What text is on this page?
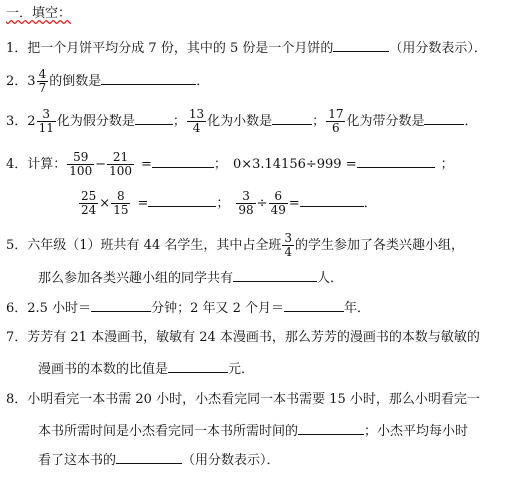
一．填空：
1．把一个月饼平均分成 7 份，其中的 5 份是一个月饼的	（用分数表示）．
2．$3 \frac{4}{7}$ 的倒数是	．
3．$2 \frac{3}{11}$ 化为假分数是	； $\frac{13}{4}$ 化为小数是	； $\frac{17}{6}$ 化为带分数是	．
4．计算： $\frac{59}{100} - \frac{21}{100}$ =	； 0×3.14156÷999 =	；
$\frac{25}{24} \times \frac{8}{15}$ =	； $\frac{3}{98} \div \frac{6}{49}$ =	．
5．六年级（1）班共有 44 名学生，其中占全班 $\frac{3}{4}$ 的学生参加了各类兴趣小组，
那么参加各类兴趣小组的同学共有	人．
6．2.5 小时＝	分钟；2 年又 2 个月＝	年．
7．芳芳有 21 本漫画书，敏敏有 24 本漫画书，那么芳芳的漫画书的本数与敏敏的
漫画书的本数的比值是	元．
8．小明看完一本书需 20 小时，小杰看完同一本书需要 15 小时，那么小明看完一
本书所需时间是小杰看完同一本书所需时间的	；小杰平均每小时
看了这本书的	（用分数表示）．
